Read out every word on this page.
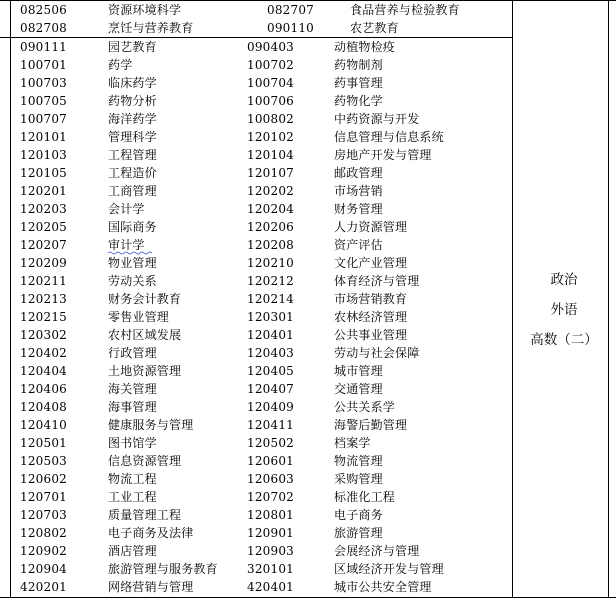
082506	资源环境科学	082707	食品营养与检验教育
082708	烹饪与营养教育	090110	农艺教育
090111	园艺教育	090403	动植物检疫
100701	药学	100702	药物制剂
100703	临床药学	100704	药事管理
100705	药物分析	100706	药物化学
100707	海洋药学	100802	中药资源与开发
120101	管理科学	120102	信息管理与信息系统
120103	工程管理	120104	房地产开发与管理
120105	工程造价	120107	邮政管理
120201	工商管理	120202	市场营销
120203	会计学	120204	财务管理
120205	国际商务	120206	人力资源管理
120207	审计学	120208	资产评估
120209	物业管理	120210	文化产业管理
120211	劳动关系	120212	体育经济与管理
120213	财务会计教育	120214	市场营销教育
120215	零售业管理	120301	农林经济管理
120302	农村区域发展	120401	公共事业管理
120402	行政管理	120403	劳动与社会保障
120404	土地资源管理	120405	城市管理
120406	海关管理	120407	交通管理
120408	海事管理	120409	公共关系学
120410	健康服务与管理	120411	海警后勤管理
120501	图书馆学	120502	档案学
120503	信息资源管理	120601	物流管理
120602	物流工程	120603	采购管理
120701	工业工程	120702	标准化工程
120703	质量管理工程	120801	电子商务
120802	电子商务及法律	120901	旅游管理
120902	酒店管理	120903	会展经济与管理
120904	旅游管理与服务教育 320101	区域经济开发与管理
420201	网络营销与管理	420401	城市公共安全管理
政治
外语
高数（二）
